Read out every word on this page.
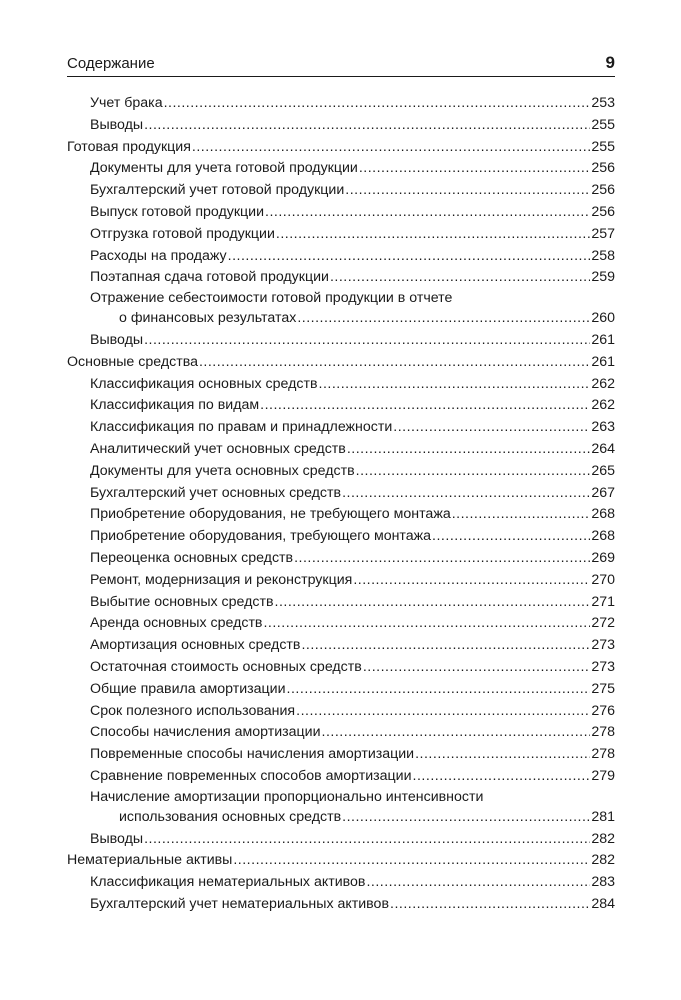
Содержание	9
Учет брака .....	253
Выводы .....	255
Готовая продукция .....	255
Документы для учета готовой продукции .....	256
Бухгалтерский учет готовой продукции .....	256
Выпуск готовой продукции .....	256
Отгрузка готовой продукции .....	257
Расходы на продажу .....	258
Поэтапная сдача готовой продукции .....	259
Отражение себестоимости готовой продукции в отчете
о финансовых результатах .....	260
Выводы .....	261
Основные средства .....	261
Классификация основных средств .....	262
Классификация по видам .....	262
Классификация по правам и принадлежности .....	263
Аналитический учет основных средств .....	264
Документы для учета основных средств .....	265
Бухгалтерский учет основных средств .....	267
Приобретение оборудования, не требующего монтажа .....	268
Приобретение оборудования, требующего монтажа .....	268
Переоценка основных средств .....	269
Ремонт, модернизация и реконструкция .....	270
Выбытие основных средств .....	271
Аренда основных средств .....	272
Амортизация основных средств .....	273
Остаточная стоимость основных средств .....	273
Общие правила амортизации .....	275
Срок полезного использования .....	276
Способы начисления амортизации .....	278
Повременные способы начисления амортизации .....	278
Сравнение повременных способов амортизации .....	279
Начисление амортизации пропорционально интенсивности
использования основных средств .....	281
Выводы .....	282
Нематериальные активы .....	282
Классификация нематериальных активов .....	283
Бухгалтерский учет нематериальных активов .....	284
